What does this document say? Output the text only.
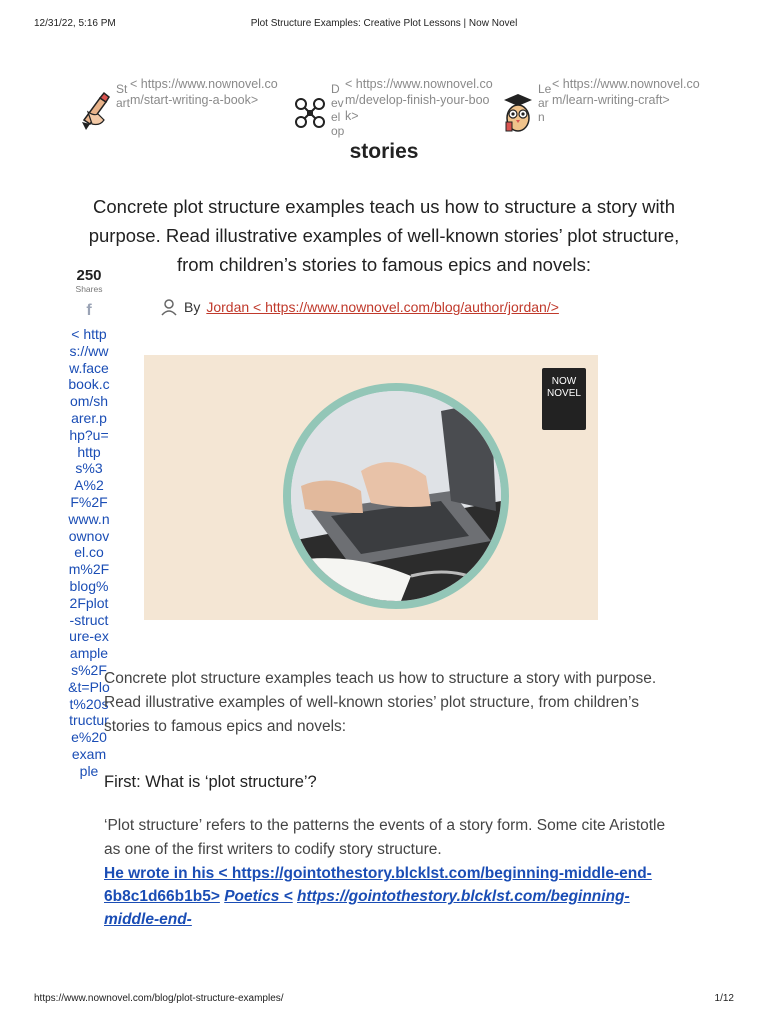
12/31/22, 5:16 PM	Plot Structure Examples: Creative Plot Lessons | Now Novel
Start
< https://www.nownovel.com/start-writing-a-book>
Develop
< https://www.nownovel.com/develop-finish-your-book>
Learn
< https://www.nownovel.com/learn-writing-craft>
stories
Concrete plot structure examples teach us how to structure a story with purpose. Read illustrative examples of well-known stories’ plot structure, from children’s stories to famous epics and novels:
By Jordan < https://www.nownovel.com/blog/author/jordan/>
250
Shares
f
< https://www.facebook.com/sharer.php?u=https%3A%2F%2Fwww.nownovel.com%2Fblog%2Fplot-structure-examples%2F&t=Plot%20structure%20example
NOW NOVEL
Concrete plot structure examples teach us how to structure a story with purpose. Read illustrative examples of well-known stories’ plot structure, from children’s stories to famous epics and novels:
First: What is ‘plot structure’?
‘Plot structure’ refers to the patterns the events of a story form. Some cite Aristotle as one of the first writers to codify story structure.
He wrote in his < https://gointothestory.blcklst.com/beginning-middle-end-6b8c1d66b1b5> Poetics < https://gointothestory.blcklst.com/beginning-middle-end-
https://www.nownovel.com/blog/plot-structure-examples/	1/12
